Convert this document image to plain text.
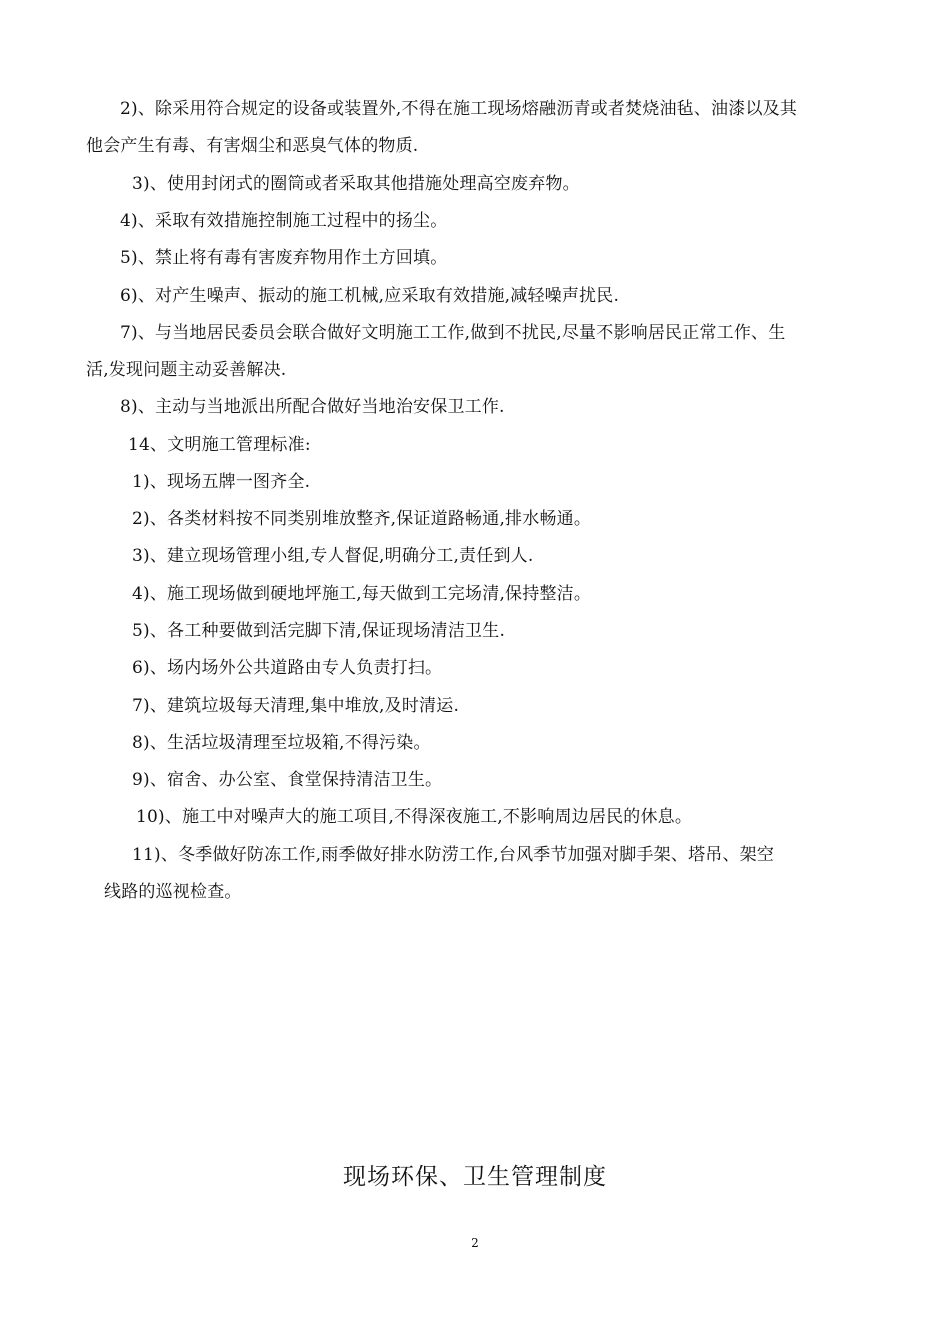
2)、除采用符合规定的设备或装置外,不得在施工现场熔融沥青或者焚烧油毡、油漆以及其
他会产生有毒、有害烟尘和恶臭气体的物质.
3)、使用封闭式的圈筒或者采取其他措施处理高空废弃物。
4)、采取有效措施控制施工过程中的扬尘。
5)、禁止将有毒有害废弃物用作土方回填。
6)、对产生噪声、振动的施工机械,应采取有效措施,减轻噪声扰民.
7)、与当地居民委员会联合做好文明施工工作,做到不扰民,尽量不影响居民正常工作、生
活,发现问题主动妥善解决.
8)、主动与当地派出所配合做好当地治安保卫工作.
14、文明施工管理标准:
1)、现场五牌一图齐全.
2)、各类材料按不同类别堆放整齐,保证道路畅通,排水畅通。
3)、建立现场管理小组,专人督促,明确分工,责任到人.
4)、施工现场做到硬地坪施工,每天做到工完场清,保持整洁。
5)、各工种要做到活完脚下清,保证现场清洁卫生.
6)、场内场外公共道路由专人负责打扫。
7)、建筑垃圾每天清理,集中堆放,及时清运.
8)、生活垃圾清理至垃圾箱,不得污染。
9)、宿舍、办公室、食堂保持清洁卫生。
10)、施工中对噪声大的施工项目,不得深夜施工,不影响周边居民的休息。
11)、冬季做好防冻工作,雨季做好排水防涝工作,台风季节加强对脚手架、塔吊、架空
线路的巡视检查。
现场环保、卫生管理制度
2
